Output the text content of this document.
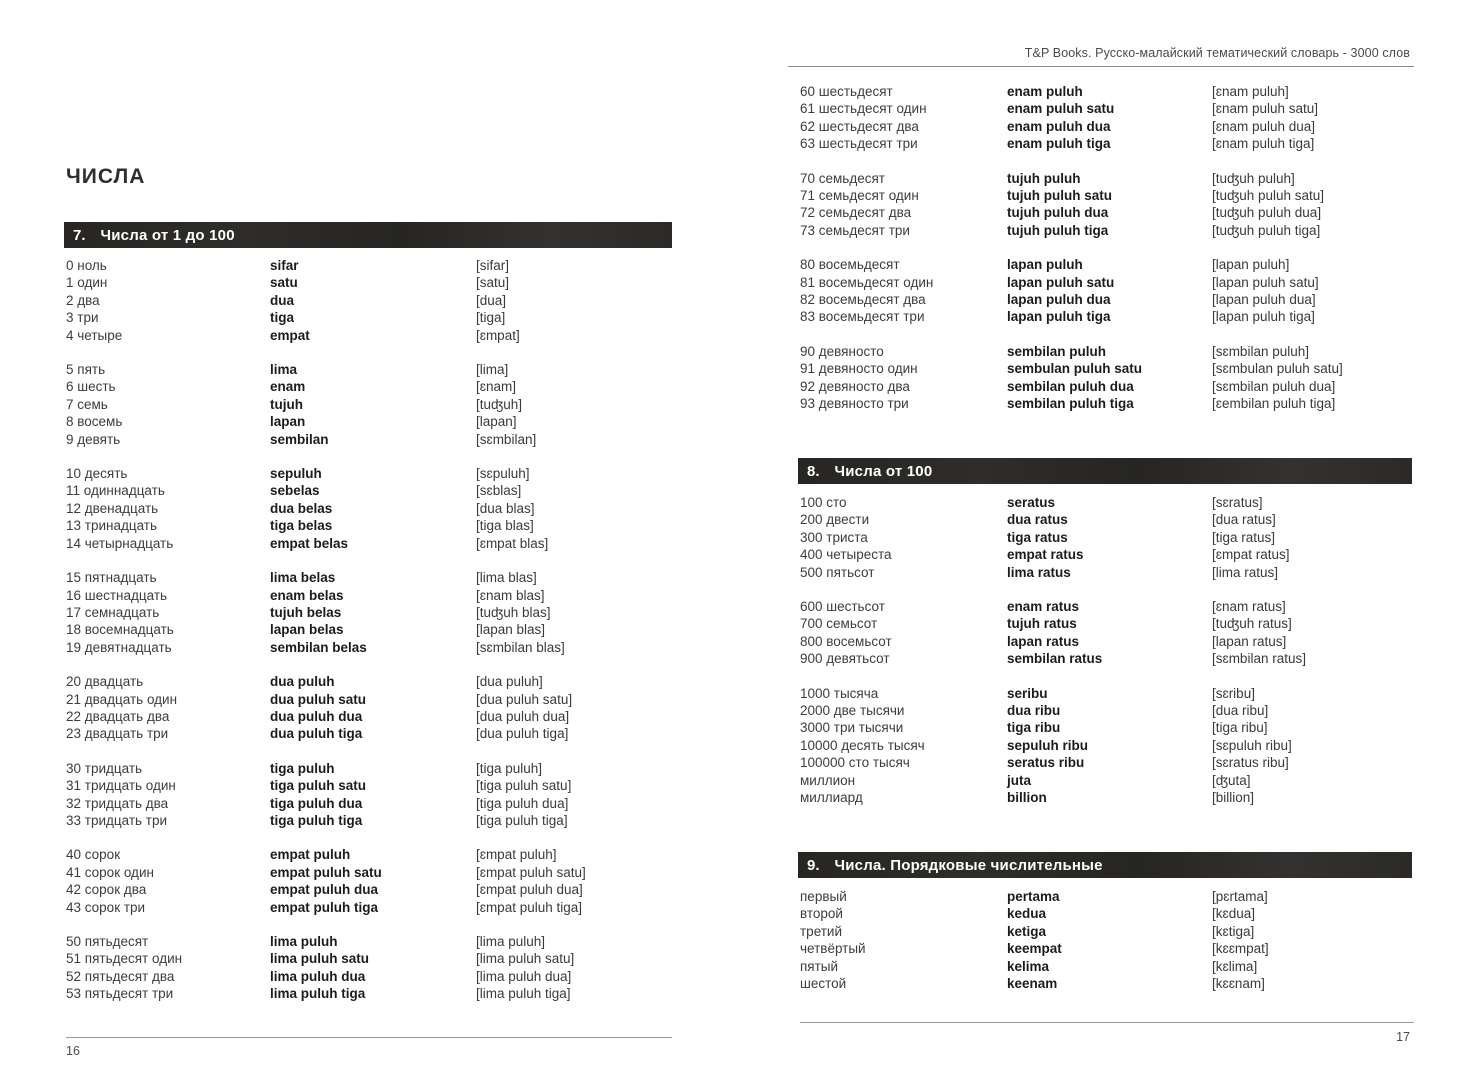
ЧИСЛА
7. Числа от 1 до 100
0 ноль	sifar	[sifar]
1 один	satu	[satu]
2 два	dua	[dua]
3 три	tiga	[tiga]
4 четыре	empat	[ɛmpat]
5 пять	lima	[lima]
6 шесть	enam	[ɛnam]
7 семь	tujuh	[tuʤuh]
8 восемь	lapan	[lapan]
9 девять	sembilan	[sɛmbilan]
10 десять	sepuluh	[sɛpuluh]
11 одиннадцать	sebelas	[sɛblas]
12 двенадцать	dua belas	[dua blas]
13 тринадцать	tiga belas	[tiga blas]
14 четырнадцать	empat belas	[ɛmpat blas]
15 пятнадцать	lima belas	[lima blas]
16 шестнадцать	enam belas	[ɛnam blas]
17 семнадцать	tujuh belas	[tuʤuh blas]
18 восемнадцать	lapan belas	[lapan blas]
19 девятнадцать	sembilan belas	[sɛmbilan blas]
20 двадцать	dua puluh	[dua puluh]
21 двадцать один	dua puluh satu	[dua puluh satu]
22 двадцать два	dua puluh dua	[dua puluh dua]
23 двадцать три	dua puluh tiga	[dua puluh tiga]
30 тридцать	tiga puluh	[tiga puluh]
31 тридцать один	tiga puluh satu	[tiga puluh satu]
32 тридцать два	tiga puluh dua	[tiga puluh dua]
33 тридцать три	tiga puluh tiga	[tiga puluh tiga]
40 сорок	empat puluh	[ɛmpat puluh]
41 сорок один	empat puluh satu	[ɛmpat puluh satu]
42 сорок два	empat puluh dua	[ɛmpat puluh dua]
43 сорок три	empat puluh tiga	[ɛmpat puluh tiga]
50 пятьдесят	lima puluh	[lima puluh]
51 пятьдесят один	lima puluh satu	[lima puluh satu]
52 пятьдесят два	lima puluh dua	[lima puluh dua]
53 пятьдесят три	lima puluh tiga	[lima puluh tiga]
16
T&P Books. Русско-малайский тематический словарь - 3000 слов
60 шестьдесят	enam puluh	[ɛnam puluh]
61 шестьдесят один	enam puluh satu	[ɛnam puluh satu]
62 шестьдесят два	enam puluh dua	[ɛnam puluh dua]
63 шестьдесят три	enam puluh tiga	[ɛnam puluh tiga]
70 семьдесят	tujuh puluh	[tuʤuh puluh]
71 семьдесят один	tujuh puluh satu	[tuʤuh puluh satu]
72 семьдесят два	tujuh puluh dua	[tuʤuh puluh dua]
73 семьдесят три	tujuh puluh tiga	[tuʤuh puluh tiga]
80 восемьдесят	lapan puluh	[lapan puluh]
81 восемьдесят один	lapan puluh satu	[lapan puluh satu]
82 восемьдесят два	lapan puluh dua	[lapan puluh dua]
83 восемьдесят три	lapan puluh tiga	[lapan puluh tiga]
90 девяносто	sembilan puluh	[sɛmbilan puluh]
91 девяносто один	sembulan puluh satu	[sɛmbulan puluh satu]
92 девяносто два	sembilan puluh dua	[sɛmbilan puluh dua]
93 девяносто три	sembilan puluh tiga	[ɛembilan puluh tiga]
8. Числа от 100
100 сто	seratus	[sɛratus]
200 двести	dua ratus	[dua ratus]
300 триста	tiga ratus	[tiga ratus]
400 четыреста	empat ratus	[ɛmpat ratus]
500 пятьсот	lima ratus	[lima ratus]
600 шестьсот	enam ratus	[ɛnam ratus]
700 семьсот	tujuh ratus	[tuʤuh ratus]
800 восемьсот	lapan ratus	[lapan ratus]
900 девятьсот	sembilan ratus	[sɛmbilan ratus]
1000 тысяча	seribu	[sɛribu]
2000 две тысячи	dua ribu	[dua ribu]
3000 три тысячи	tiga ribu	[tiga ribu]
10000 десять тысяч	sepuluh ribu	[sɛpuluh ribu]
100000 сто тысяч	seratus ribu	[sɛratus ribu]
миллион	juta	[ʤuta]
миллиард	billion	[billion]
9. Числа. Порядковые числительные
первый	pertama	[pɛrtama]
второй	kedua	[kɛdua]
третий	ketiga	[kɛtiga]
четвёртый	keempat	[kɛɛmpat]
пятый	kelima	[kɛlima]
шестой	keenam	[kɛɛnam]
17
